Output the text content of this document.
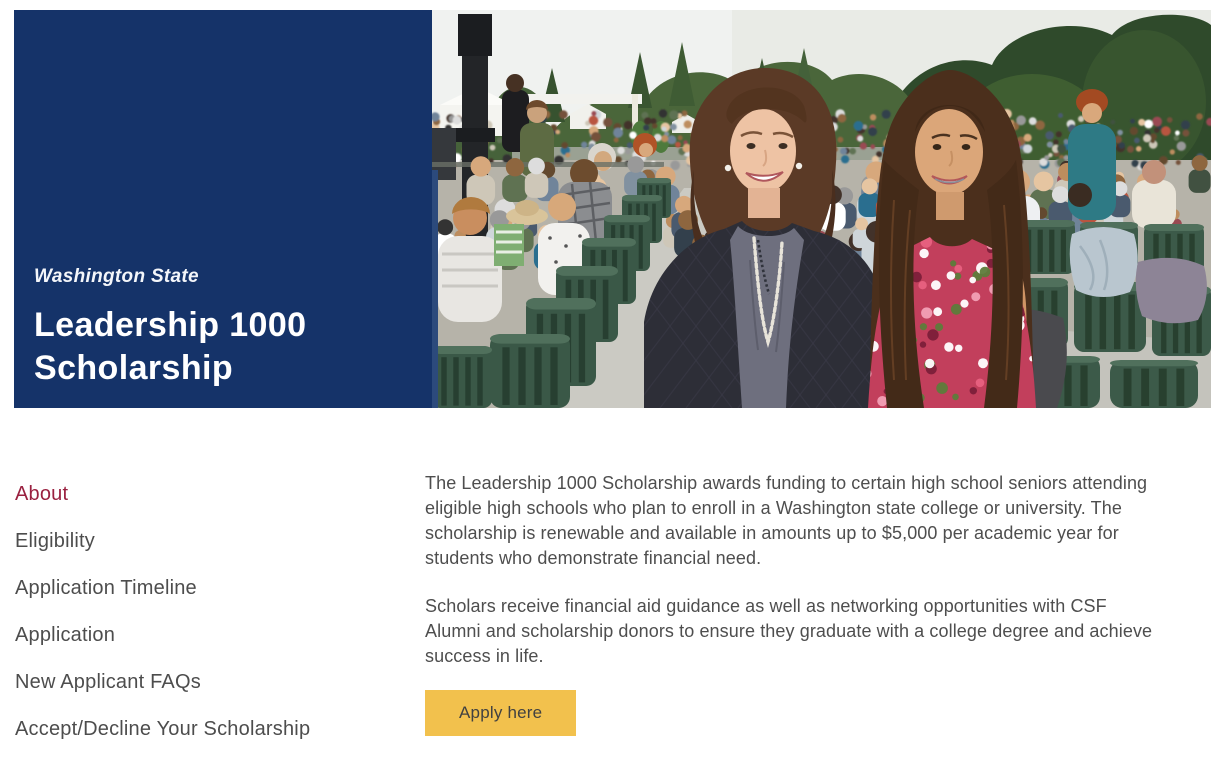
Washington State
Leadership 1000 Scholarship
About
Eligibility
Application Timeline
Application
New Applicant FAQs
Accept/Decline Your Scholarship

The Leadership 1000 Scholarship awards funding to certain high school seniors attending eligible high schools who plan to enroll in a Washington state college or university. The scholarship is renewable and available in amounts up to $5,000 per academic year for students who demonstrate financial need.

Scholars receive financial aid guidance as well as networking opportunities with CSF Alumni and scholarship donors to ensure they graduate with a college degree and achieve success in life.

Apply here
